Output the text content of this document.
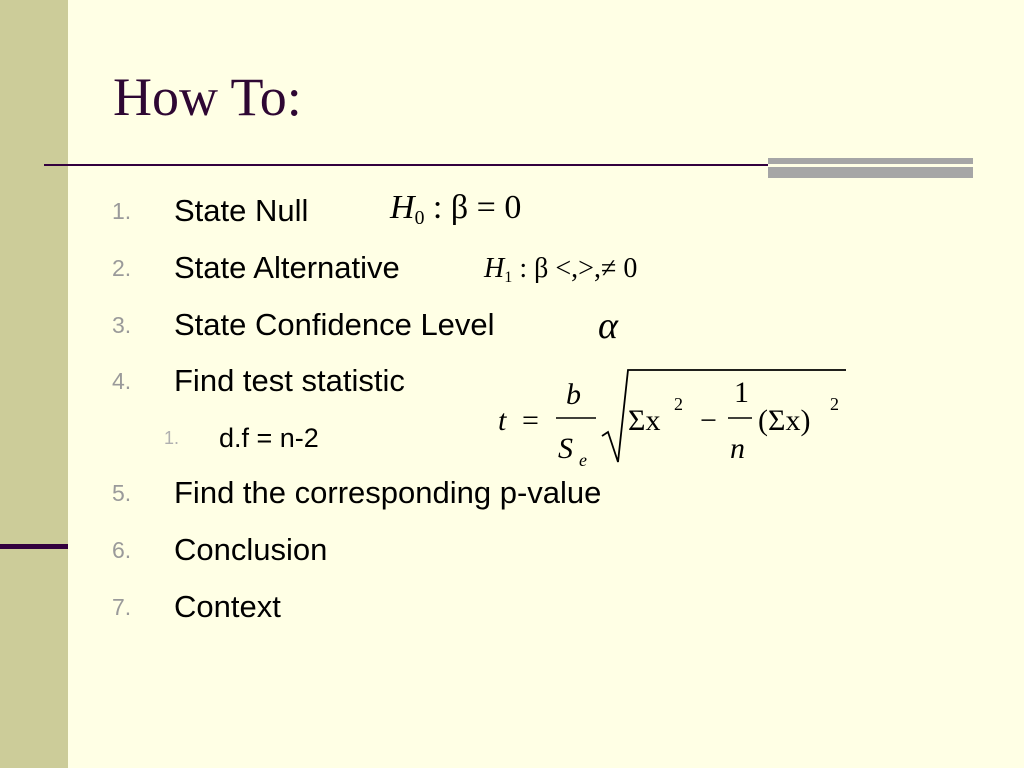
How To:
1.	State Null
2.	State Alternative
3.	State Confidence Level
4.	Find test statistic
1.	d.f = n-2
5.	Find the corresponding p-value
6.	Conclusion
7.	Context
$H_0$ : β = 0
$H_1$ : β <,>,≠ 0
α
t =
b
S e
Σx 2 −
1
n
(Σx) 2
